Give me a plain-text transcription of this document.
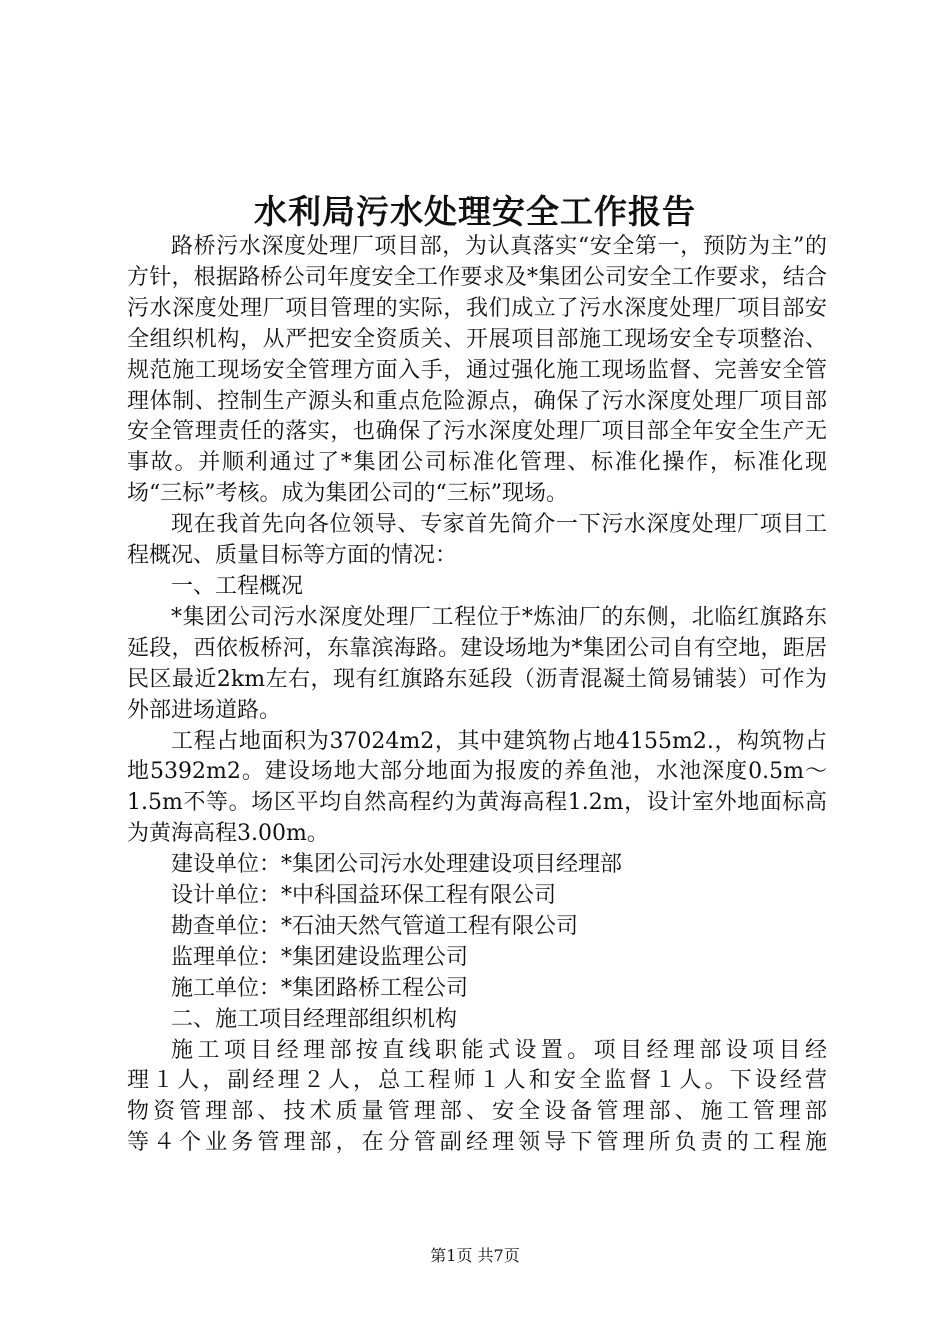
水利局污水处理安全工作报告

路桥污水深度处理厂项目部，为认真落实“安全第一，预防为主”的方针，根据路桥公司年度安全工作要求及*集团公司安全工作要求，结合污水深度处理厂项目管理的实际，我们成立了污水深度处理厂项目部安全组织机构，从严把安全资质关、开展项目部施工现场安全专项整治、规范施工现场安全管理方面入手，通过强化施工现场监督、完善安全管理体制、控制生产源头和重点危险源点，确保了污水深度处理厂项目部安全管理责任的落实，也确保了污水深度处理厂项目部全年安全生产无事故。并顺利通过了*集团公司标准化管理、标准化操作，标准化现场“三标”考核。成为集团公司的“三标”现场。

现在我首先向各位领导、专家首先简介一下污水深度处理厂项目工程概况、质量目标等方面的情况：

一、工程概况

*集团公司污水深度处理厂工程位于*炼油厂的东侧，北临红旗路东延段，西依板桥河，东靠滨海路。建设场地为*集团公司自有空地，距居民区最近2km左右，现有红旗路东延段（沥青混凝土简易铺装）可作为外部进场道路。

工程占地面积为37024m2，其中建筑物占地4155m2.，构筑物占地5392m2。建设场地大部分地面为报废的养鱼池，水池深度0.5m～1.5m不等。场区平均自然高程约为黄海高程1.2m，设计室外地面标高为黄海高程3.00m。

建设单位：*集团公司污水处理建设项目经理部

设计单位：*中科国益环保工程有限公司

勘查单位：*石油天然气管道工程有限公司

监理单位：*集团建设监理公司

施工单位：*集团路桥工程公司

二、施工项目经理部组织机构

施工项目经理部按直线职能式设置。项目经理部设项目经

理１人，副经理２人，总工程师１人和安全监督１人。下设经营
物资管理部、技术质量管理部、安全设备管理部、施工管理部
等４个业务管理部，在分管副经理领导下管理所负责的工程施
第1页 共7页
